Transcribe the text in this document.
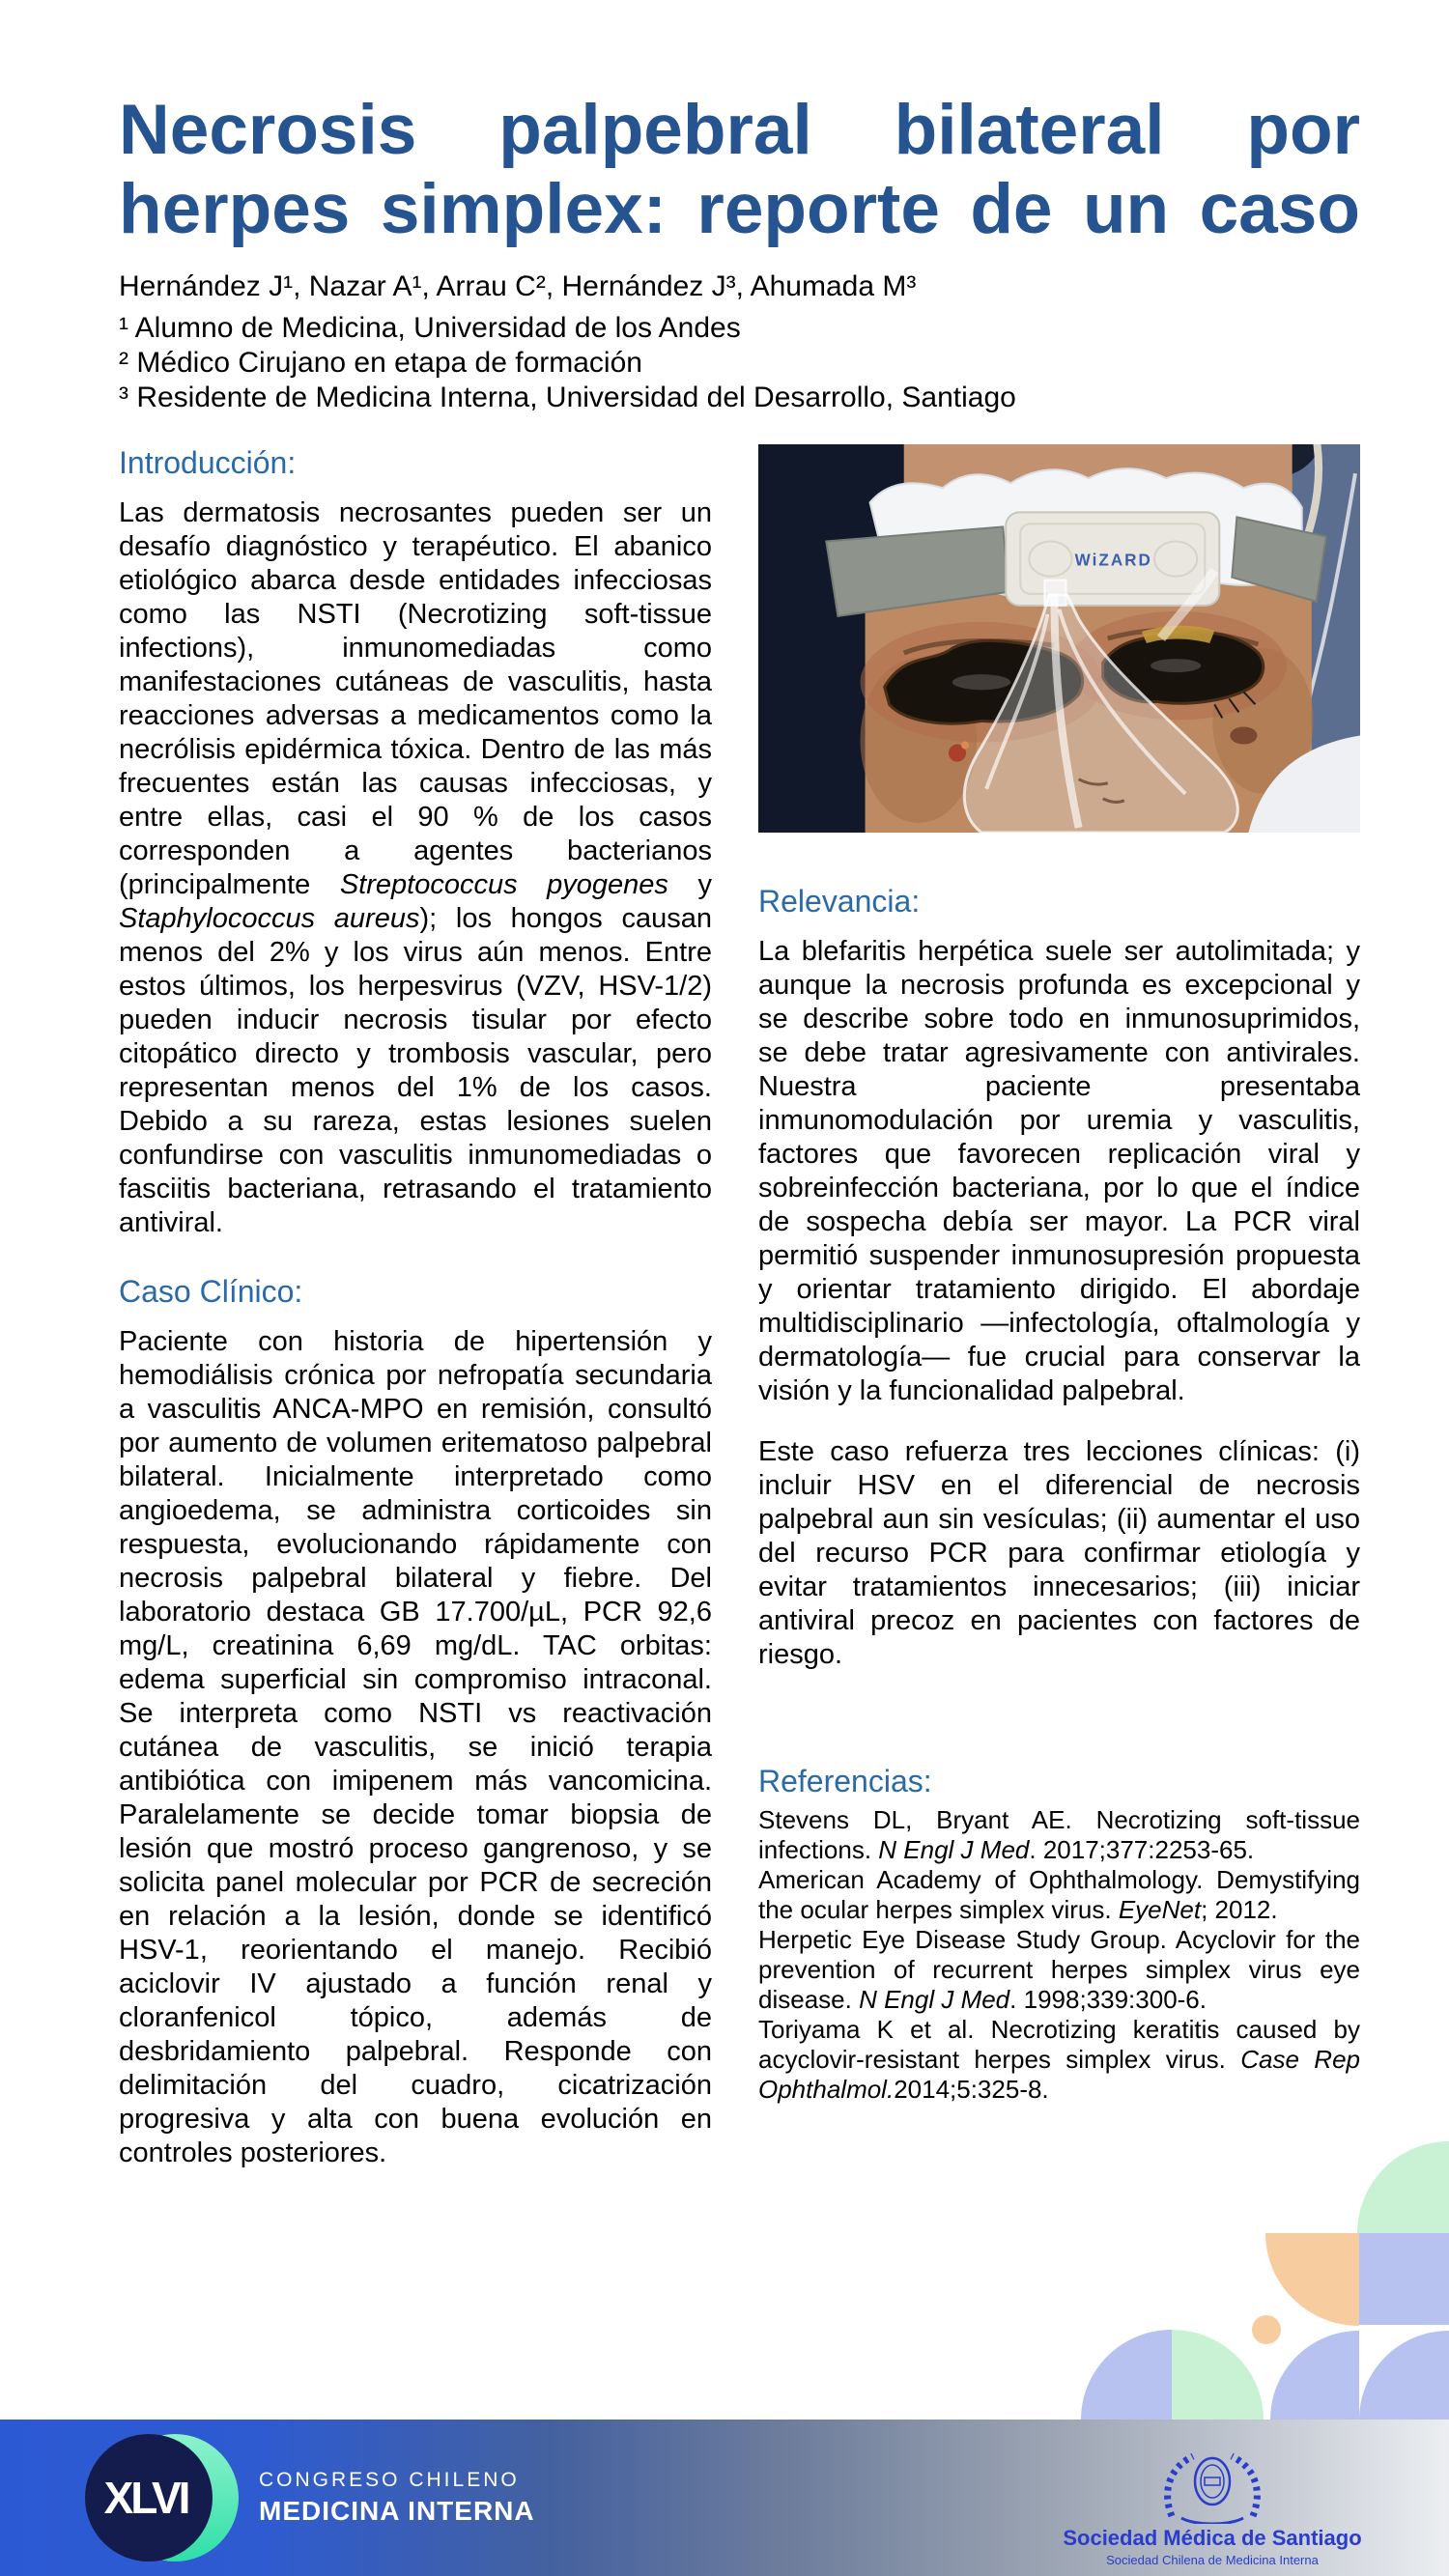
Necrosis palpebral bilateral por
herpes simplex: reporte de un caso
Hernández J¹, Nazar A¹, Arrau C², Hernández J³, Ahumada M³
¹ Alumno de Medicina, Universidad de los Andes
² Médico Cirujano en etapa de formación
³ Residente de Medicina Interna, Universidad del Desarrollo, Santiago
Introducción:

Las dermatosis necrosantes pueden ser un desafío diagnóstico y terapéutico. El abanico etiológico abarca desde entidades infecciosas como las NSTI (Necrotizing soft-tissue infections), inmunomediadas como manifestaciones cutáneas de vasculitis, hasta reacciones adversas a medicamentos como la necrólisis epidérmica tóxica. Dentro de las más frecuentes están las causas infecciosas, y entre ellas, casi el 90 % de los casos corresponden a agentes bacterianos (principalmente Streptococcus pyogenes y Staphylococcus aureus); los hongos causan menos del 2% y los virus aún menos. Entre estos últimos, los herpesvirus (VZV, HSV-1/2) pueden inducir necrosis tisular por efecto citopático directo y trombosis vascular, pero representan menos del 1% de los casos. Debido a su rareza, estas lesiones suelen confundirse con vasculitis inmunomediadas o fasciitis bacteriana, retrasando el tratamiento antiviral.

Caso Clínico:

Paciente con historia de hipertensión y hemodiálisis crónica por nefropatía secundaria a vasculitis ANCA-MPO en remisión, consultó por aumento de volumen eritematoso palpebral bilateral. Inicialmente interpretado como angioedema, se administra corticoides sin respuesta, evolucionando rápidamente con necrosis palpebral bilateral y fiebre. Del laboratorio destaca GB 17.700/µL, PCR 92,6 mg/L, creatinina 6,69 mg/dL. TAC orbitas: edema superficial sin compromiso intraconal. Se interpreta como NSTI vs reactivación cutánea de vasculitis, se inició terapia antibiótica con imipenem más vancomicina. Paralelamente se decide tomar biopsia de lesión que mostró proceso gangrenoso, y se solicita panel molecular por PCR de secreción en relación a la lesión, donde se identificó HSV-1, reorientando el manejo. Recibió aciclovir IV ajustado a función renal y cloranfenicol tópico, además de desbridamiento palpebral. Responde con delimitación del cuadro, cicatrización progresiva y alta con buena evolución en controles posteriores.

WiZARD
Relevancia:

La blefaritis herpética suele ser autolimitada; y aunque la necrosis profunda es excepcional y se describe sobre todo en inmunosuprimidos, se debe tratar agresivamente con antivirales. Nuestra paciente presentaba inmunomodulación por uremia y vasculitis, factores que favorecen replicación viral y sobreinfección bacteriana, por lo que el índice de sospecha debía ser mayor. La PCR viral permitió suspender inmunosupresión propuesta y orientar tratamiento dirigido. El abordaje multidisciplinario —infectología, oftalmología y dermatología— fue crucial para conservar la visión y la funcionalidad palpebral.

Este caso refuerza tres lecciones clínicas: (i) incluir HSV en el diferencial de necrosis palpebral aun sin vesículas; (ii) aumentar el uso del recurso PCR para confirmar etiología y evitar tratamientos innecesarios; (iii) iniciar antiviral precoz en pacientes con factores de riesgo.

Referencias:

Stevens DL, Bryant AE. Necrotizing soft-tissue infections. N Engl J Med. 2017;377:2253-65.

American Academy of Ophthalmology. Demystifying the ocular herpes simplex virus. EyeNet; 2012.

Herpetic Eye Disease Study Group. Acyclovir for the prevention of recurrent herpes simplex virus eye disease. N Engl J Med. 1998;339:300-6.

Toriyama K et al. Necrotizing keratitis caused by acyclovir-resistant herpes simplex virus. Case Rep Ophthalmol.2014;5:325-8.

XLVI	CONGRESO CHILENO
MEDICINA INTERNA
Sociedad Médica de Santiago
Sociedad Chilena de Medicina Interna
